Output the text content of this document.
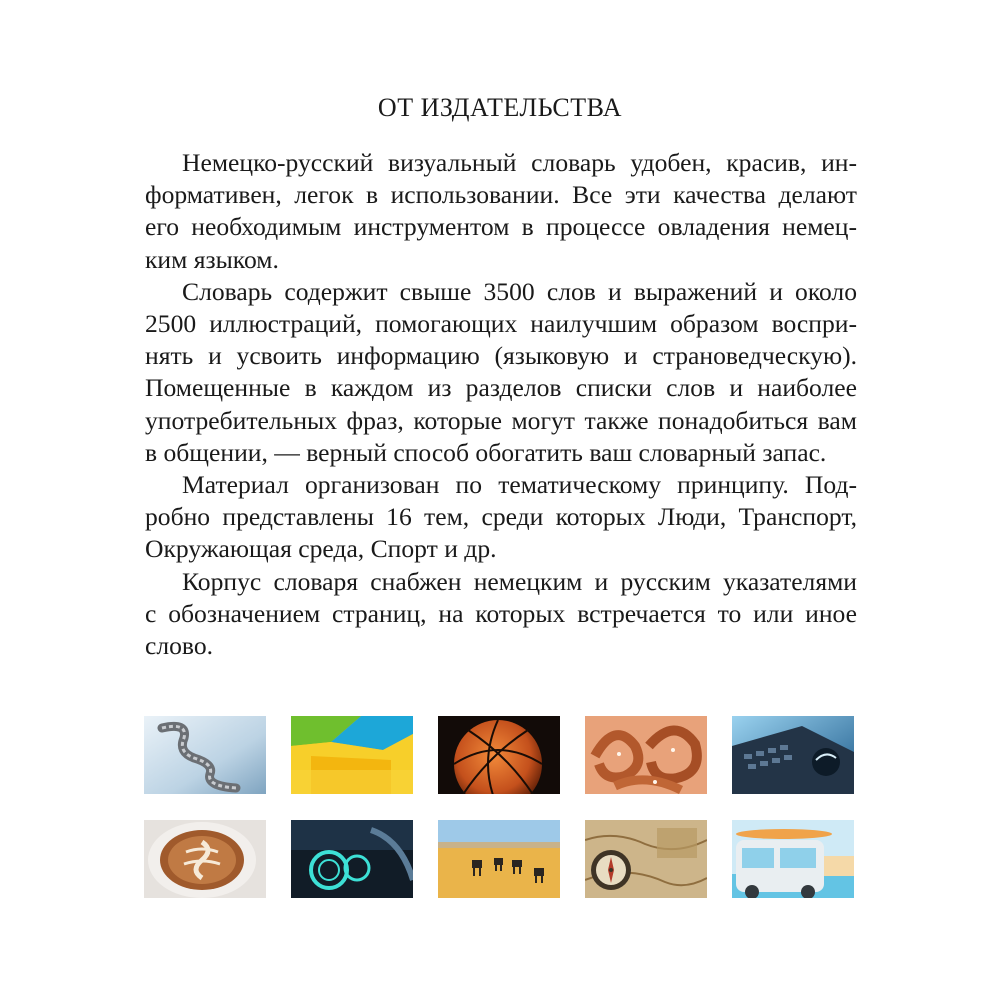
ОТ ИЗДАТЕЛЬСТВА

Немецко-русский визуальный словарь удобен, красив, ин-
формативен, легок в использовании. Все эти качества делают
его необходимым инструментом в процессе овладения немец-
ким языком.

Словарь содержит свыше 3500 слов и выражений и около
2500 иллюстраций, помогающих наилучшим образом воспри-
нять и усвоить информацию (языковую и страноведческую).
Помещенные в каждом из разделов списки слов и наиболее
употребительных фраз, которые могут также понадобиться вам
в общении, — верный способ обогатить ваш словарный запас.

Материал организован по тематическому принципу. Под-
робно представлены 16 тем, среди которых Люди, Транспорт,
Окружающая среда, Спорт и др.

Корпус словаря снабжен немецким и русским указателями
с обозначением страниц, на которых встречается то или иное
слово.
